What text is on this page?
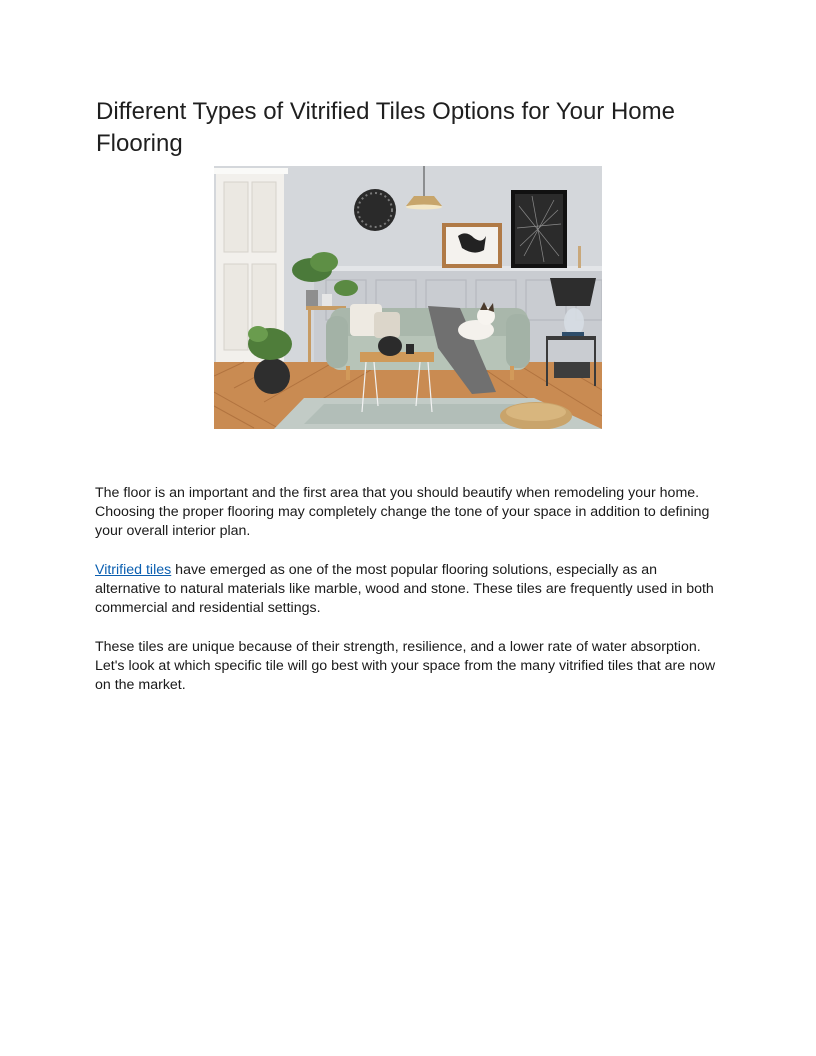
Different Types of Vitrified Tiles Options for Your Home Flooring

The floor is an important and the first area that you should beautify when remodeling your home. Choosing the proper flooring may completely change the tone of your space in addition to defining your overall interior plan.

Vitrified tiles have emerged as one of the most popular flooring solutions, especially as an alternative to natural materials like marble, wood and stone. These tiles are frequently used in both commercial and residential settings.

These tiles are unique because of their strength, resilience, and a lower rate of water absorption. Let's look at which specific tile will go best with your space from the many vitrified tiles that are now on the market.
